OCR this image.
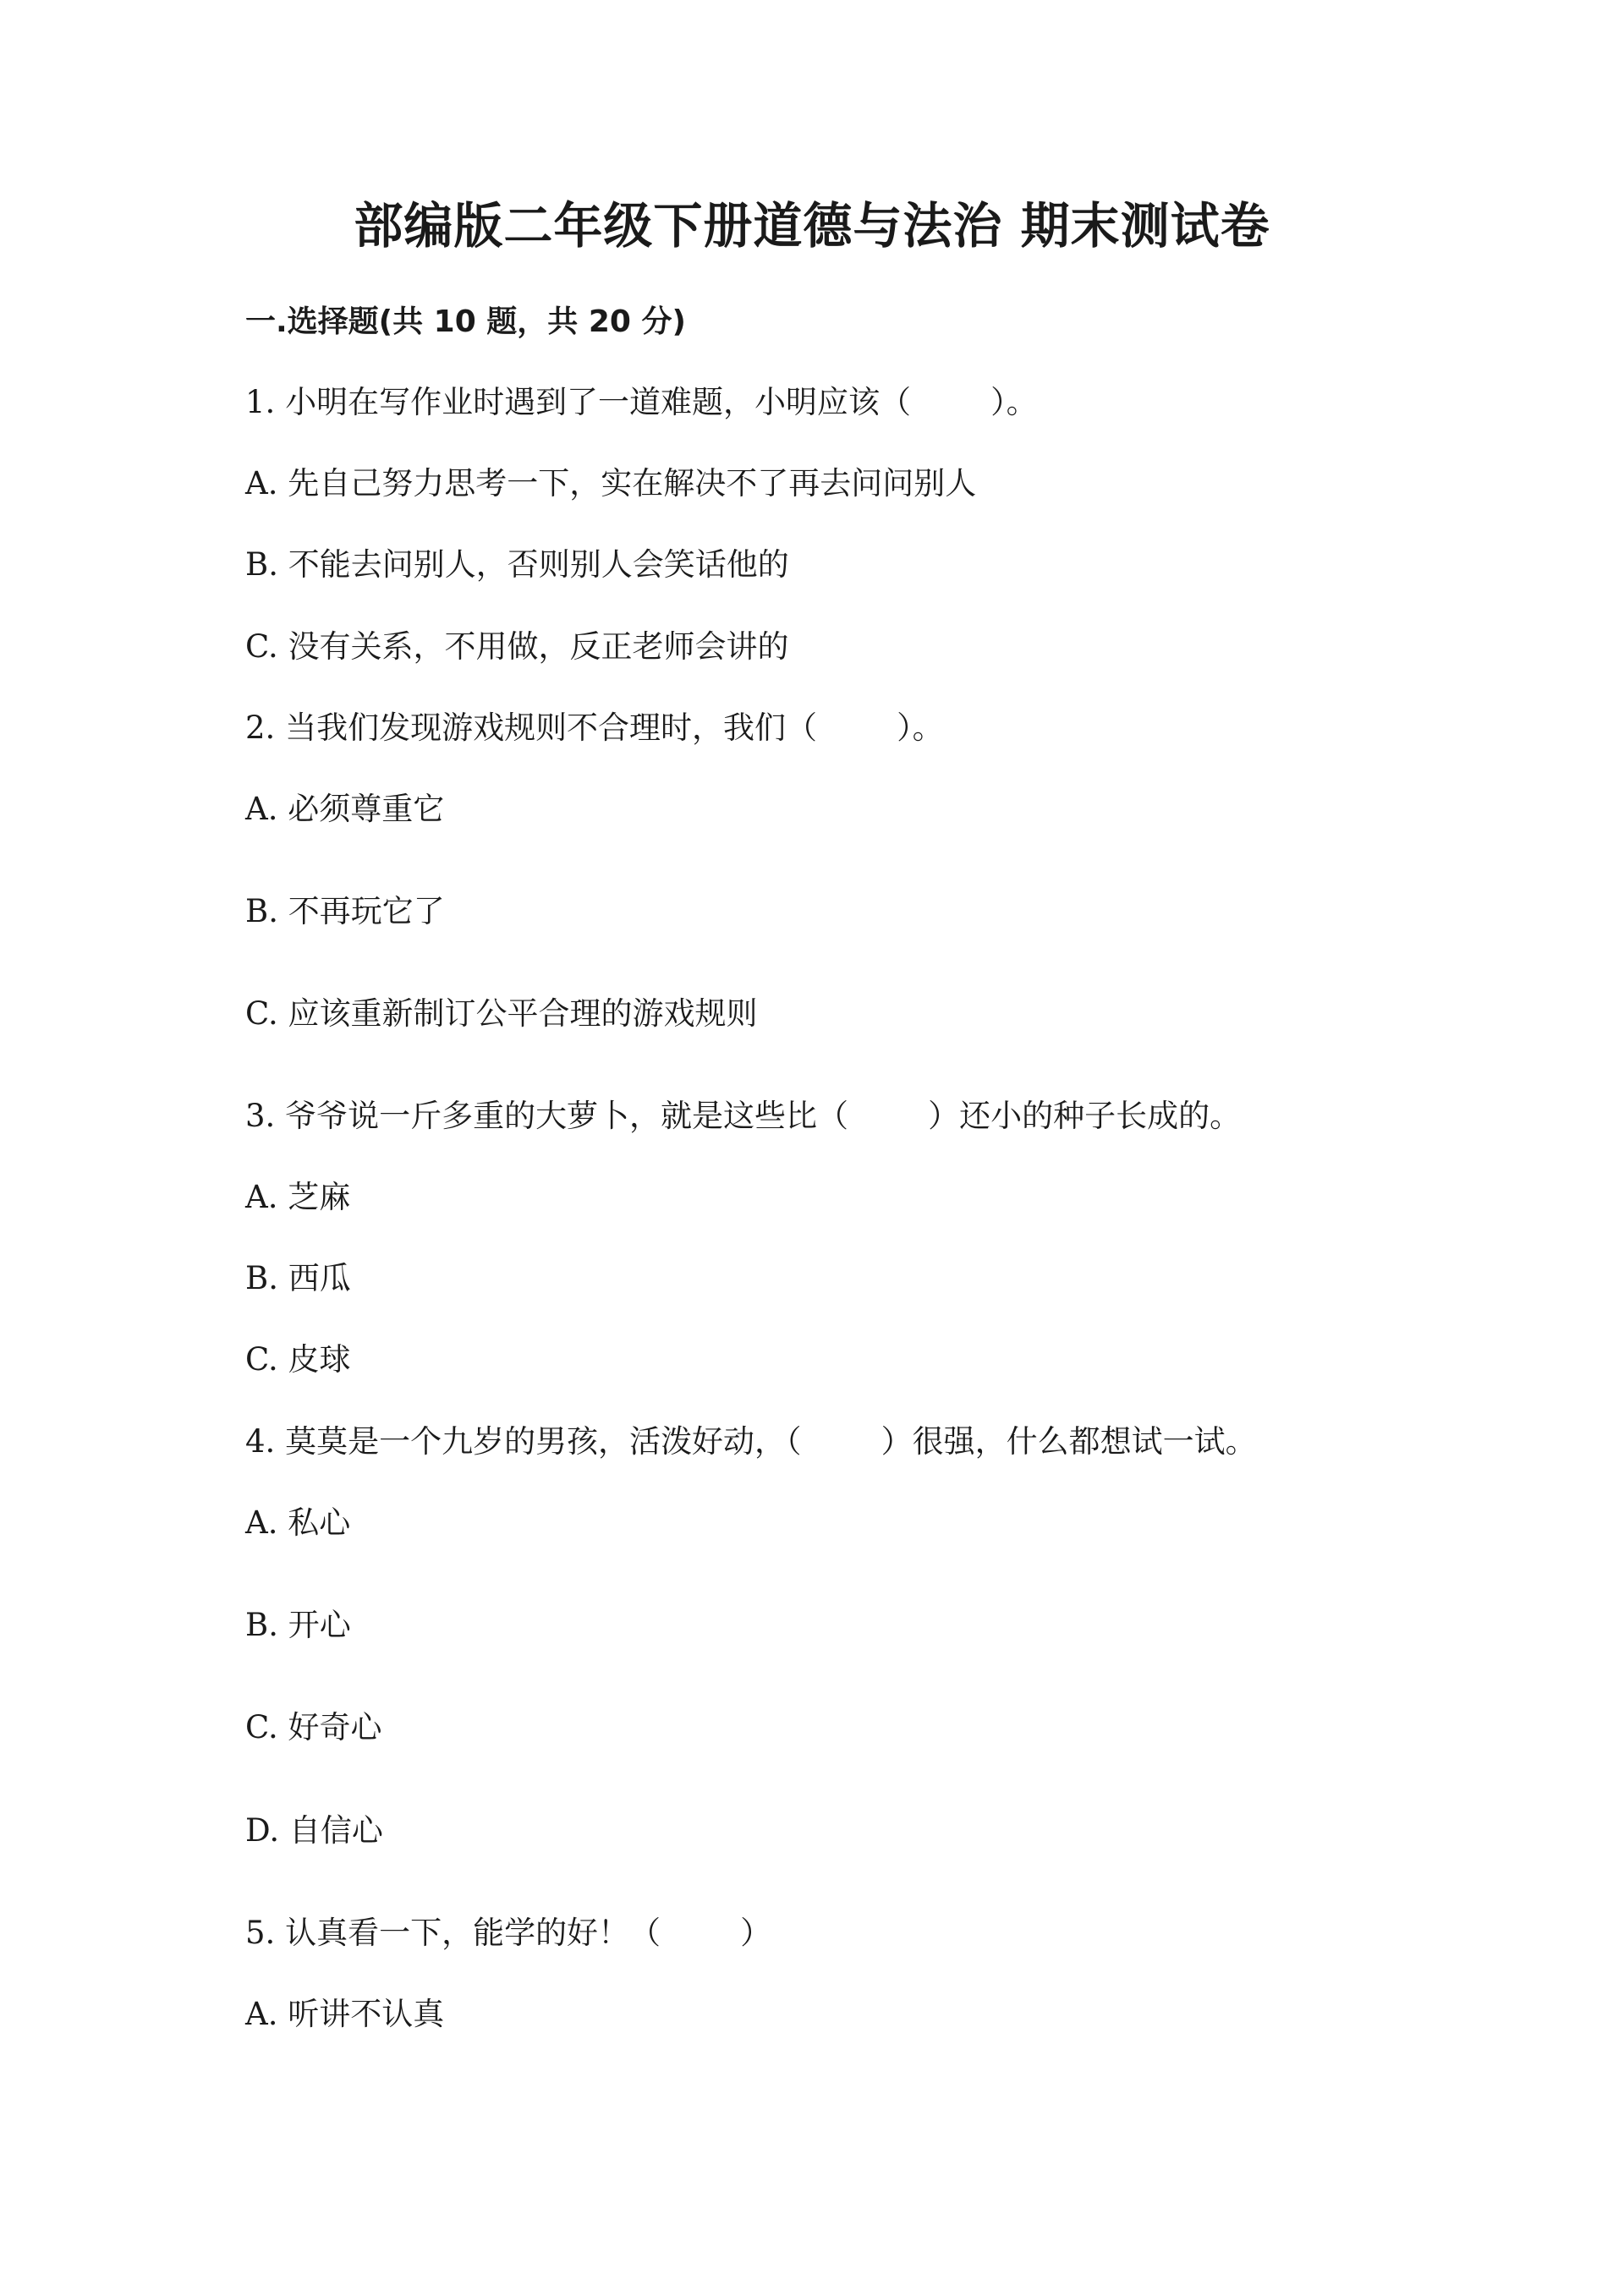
部编版二年级下册道德与法治 期末测试卷
一.选择题(共 10 题，共 20 分)
1. 小明在写作业时遇到了一道难题，小明应该（        ）。
A. 先自己努力思考一下，实在解决不了再去问问别人
B. 不能去问别人，否则别人会笑话他的
C. 没有关系，不用做，反正老师会讲的
2. 当我们发现游戏规则不合理时，我们（        ）。
A. 必须尊重它
B. 不再玩它了
C. 应该重新制订公平合理的游戏规则
3. 爷爷说一斤多重的大萝卜，就是这些比（        ）还小的种子长成的。
A. 芝麻
B. 西瓜
C. 皮球
4. 莫莫是一个九岁的男孩，活泼好动，（        ）很强，什么都想试一试。
A. 私心
B. 开心
C. 好奇心
D. 自信心
5. 认真看一下，能学的好！（        ）
A. 听讲不认真
